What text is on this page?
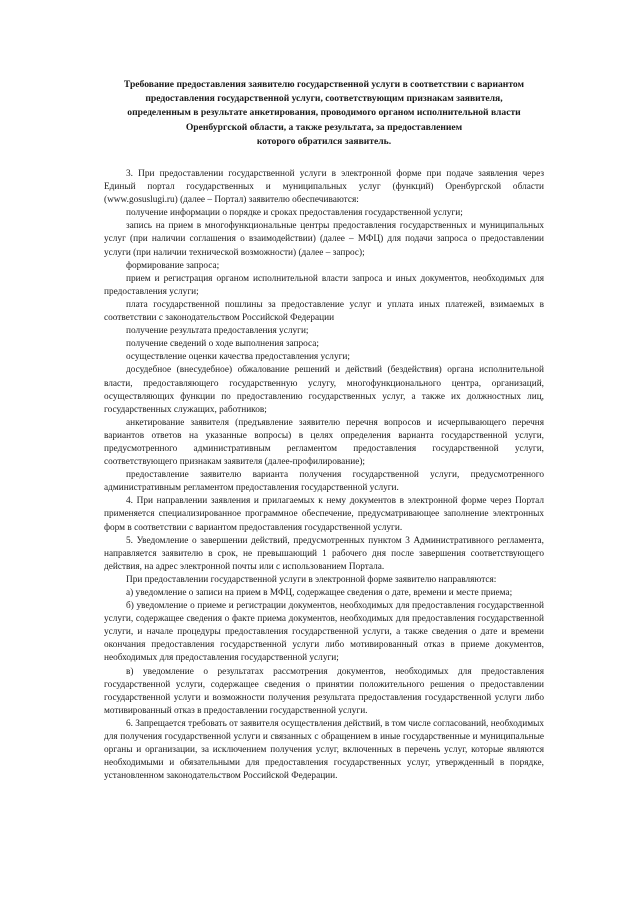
Требование предоставления заявителю государственной услуги в соответствии с вариантом
предоставления государственной услуги, соответствующим признакам заявителя,
определенным в результате анкетирования, проводимого органом исполнительной власти
Оренбургской области, а также результата, за предоставлением
которого обратился заявитель.

3. При предоставлении государственной услуги в электронной форме при подаче заявления через Единый портал государственных и муниципальных услуг (функций) Оренбургской области (www.gosuslugi.ru) (далее – Портал) заявителю обеспечиваются:

получение информации о порядке и сроках предоставления государственной услуги;

запись на прием в многофункциональные центры предоставления государственных и муниципальных услуг (при наличии соглашения о взаимодействии) (далее – МФЦ) для подачи запроса о предоставлении услуги (при наличии технической возможности) (далее – запрос);

формирование запроса;

прием и регистрация органом исполнительной власти запроса и иных документов, необходимых для предоставления услуги;

плата государственной пошлины за предоставление услуг и уплата иных платежей, взимаемых в соответствии с законодательством Российской Федерации

получение результата предоставления услуги;

получение сведений о ходе выполнения запроса;

осуществление оценки качества предоставления услуги;

досудебное (внесудебное) обжалование решений и действий (бездействия) органа исполнительной власти, предоставляющего государственную услугу, многофункционального центра, организаций, осуществляющих функции по предоставлению государственных услуг, а также их должностных лиц, государственных служащих, работников;

анкетирование заявителя (предъявление заявителю перечня вопросов и исчерпывающего перечня вариантов ответов на указанные вопросы) в целях определения варианта государственной услуги, предусмотренного административным регламентом предоставления государственной услуги, соответствующего признакам заявителя (далее-профилирование);

предоставление заявителю варианта получения государственной услуги, предусмотренного административным регламентом предоставления государственной услуги.

4. При направлении заявления и прилагаемых к нему документов в электронной форме через Портал применяется специализированное программное обеспечение, предусматривающее заполнение электронных форм в соответствии с вариантом предоставления государственной услуги.

5. Уведомление о завершении действий, предусмотренных пунктом 3 Административного регламента, направляется заявителю в срок, не превышающий 1 рабочего дня после завершения соответствующего действия, на адрес электронной почты или с использованием Портала.

При предоставлении государственной услуги в электронной форме заявителю направляются:

а) уведомление о записи на прием в МФЦ, содержащее сведения о дате, времени и месте приема;

б) уведомление о приеме и регистрации документов, необходимых для предоставления государственной услуги, содержащее сведения о факте приема документов, необходимых для предоставления государственной услуги, и начале процедуры предоставления государственной услуги, а также сведения о дате и времени окончания предоставления государственной услуги либо мотивированный отказ в приеме документов, необходимых для предоставления государственной услуги;

в) уведомление о результатах рассмотрения документов, необходимых для предоставления государственной услуги, содержащее сведения о принятии положительного решения о предоставлении государственной услуги и возможности получения результата предоставления государственной услуги либо мотивированный отказ в предоставлении государственной услуги.

6. Запрещается требовать от заявителя осуществления действий, в том числе согласований, необходимых для получения государственной услуги и связанных с обращением в иные государственные и муниципальные органы и организации, за исключением получения услуг, включенных в перечень услуг, которые являются необходимыми и обязательными для предоставления государственных услуг, утвержденный в порядке, установленном законодательством Российской Федерации.
